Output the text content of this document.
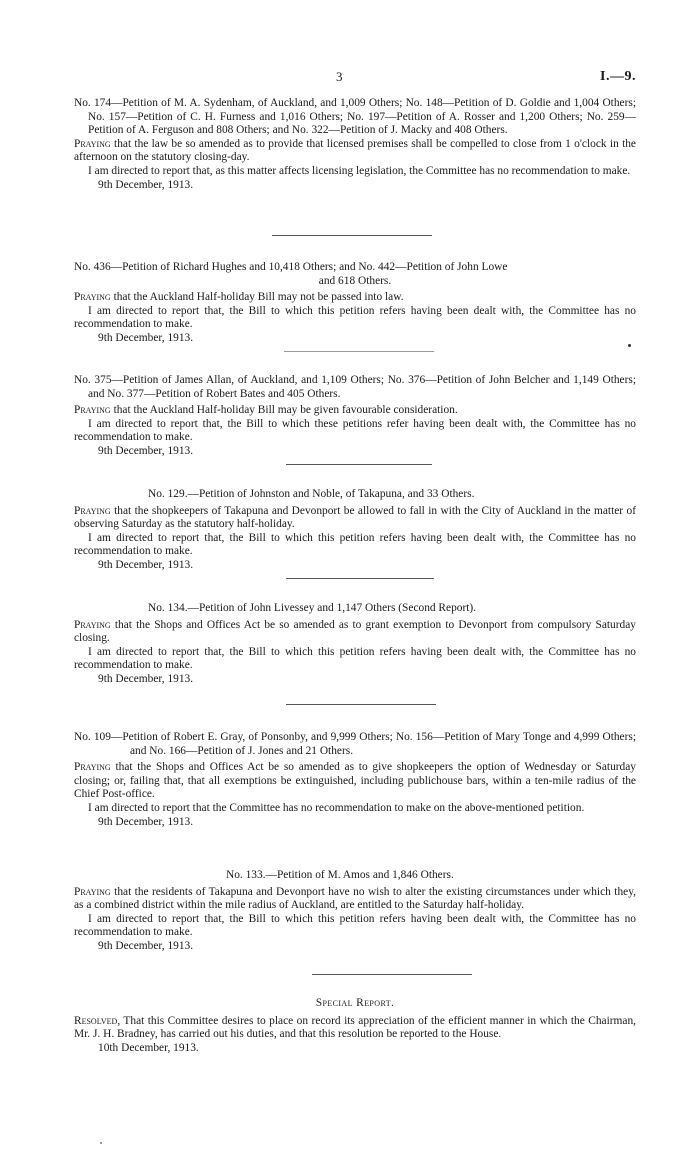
3	I.—9.

No. 174—Petition of M. A. Sydenham, of Auckland, and 1,009 Others; No. 148—Petition of D. Goldie and 1,004 Others; No. 157—Petition of C. H. Furness and 1,016 Others; No. 197—Petition of A. Rosser and 1,200 Others; No. 259—Petition of A. Ferguson and 808 Others; and No. 322—Petition of J. Macky and 408 Others.

Praying that the law be so amended as to provide that licensed premises shall be compelled to close from 1 o'clock in the afternoon on the statutory closing-day.

I am directed to report that, as this matter affects licensing legislation, the Committee has no recommendation to make.

9th December, 1913.

No. 436—Petition of Richard Hughes and 10,418 Others; and No. 442—Petition of John Lowe

and 618 Others.

Praying that the Auckland Half-holiday Bill may not be passed into law.

I am directed to report that, the Bill to which this petition refers having been dealt with, the Committee has no recommendation to make.

9th December, 1913.

No. 375—Petition of James Allan, of Auckland, and 1,109 Others; No. 376—Petition of John Belcher and 1,149 Others; and No. 377—Petition of Robert Bates and 405 Others.

Praying that the Auckland Half-holiday Bill may be given favourable consideration.

I am directed to report that, the Bill to which these petitions refer having been dealt with, the Committee has no recommendation to make.

9th December, 1913.

No. 129.—Petition of Johnston and Noble, of Takapuna, and 33 Others.

Praying that the shopkeepers of Takapuna and Devonport be allowed to fall in with the City of Auckland in the matter of observing Saturday as the statutory half-holiday.

I am directed to report that, the Bill to which this petition refers having been dealt with, the Committee has no recommendation to make.

9th December, 1913.

No. 134.—Petition of John Livessey and 1,147 Others (Second Report).

Praying that the Shops and Offices Act be so amended as to grant exemption to Devonport from compulsory Saturday closing.

I am directed to report that, the Bill to which this petition refers having been dealt with, the Committee has no recommendation to make.

9th December, 1913.

No. 109—Petition of Robert E. Gray, of Ponsonby, and 9,999 Others; No. 156—Petition of Mary Tonge and 4,999 Others; and No. 166—Petition of J. Jones and 21 Others.

Praying that the Shops and Offices Act be so amended as to give shopkeepers the option of Wednesday or Saturday closing; or, failing that, that all exemptions be extinguished, including publichouse bars, within a ten-mile radius of the Chief Post-office.

I am directed to report that the Committee has no recommendation to make on the above-mentioned petition.

9th December, 1913.

No. 133.—Petition of M. Amos and 1,846 Others.

Praying that the residents of Takapuna and Devonport have no wish to alter the existing circumstances under which they, as a combined district within the mile radius of Auckland, are entitled to the Saturday half-holiday.

I am directed to report that, the Bill to which this petition refers having been dealt with, the Committee has no recommendation to make.

9th December, 1913.

Special Report.

Resolved, That this Committee desires to place on record its appreciation of the efficient manner in which the Chairman, Mr. J. H. Bradney, has carried out his duties, and that this resolution be reported to the House.

10th December, 1913.
